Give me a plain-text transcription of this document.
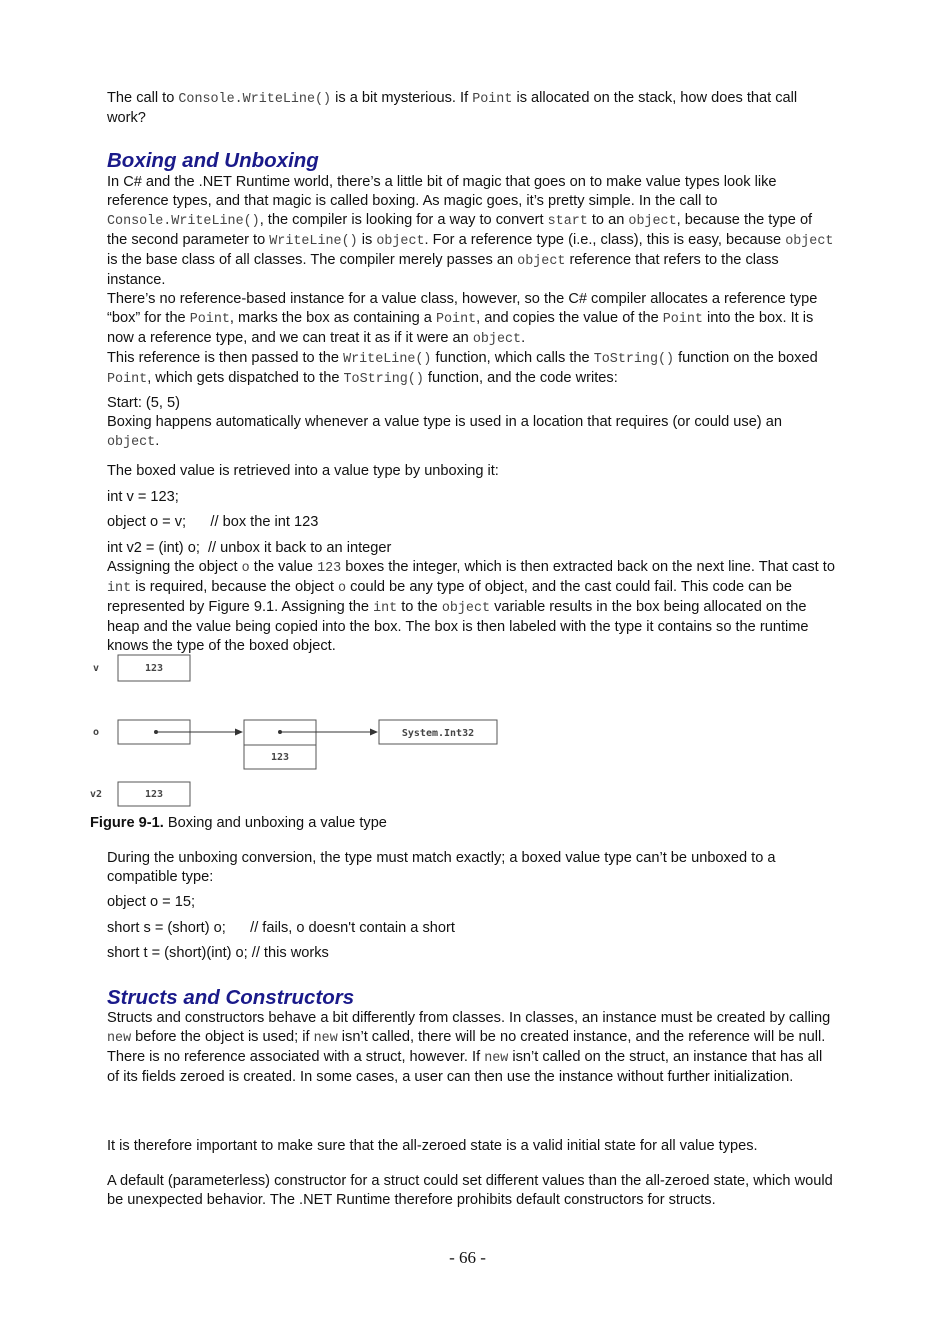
The call to Console.WriteLine() is a bit mysterious. If Point is allocated on the stack, how does that call work?

Boxing and Unboxing

In C# and the .NET Runtime world, there’s a little bit of magic that goes on to make value types look like reference types, and that magic is called boxing. As magic goes, it’s pretty simple. In the call to Console.WriteLine(), the compiler is looking for a way to convert start to an object, because the type of the second parameter to WriteLine() is object. For a reference type (i.e., class), this is easy, because object is the base class of all classes. The compiler merely passes an object reference that refers to the class instance.

There’s no reference-based instance for a value class, however, so the C# compiler allocates a reference type “box” for the Point, marks the box as containing a Point, and copies the value of the Point into the box. It is now a reference type, and we can treat it as if it were an object.

This reference is then passed to the WriteLine() function, which calls the ToString() function on the boxed Point, which gets dispatched to the ToString() function, and the code writes:

Start: (5, 5)

Boxing happens automatically whenever a value type is used in a location that requires (or could use) an object.

The boxed value is retrieved into a value type by unboxing it:
int v = 123;
object o = v;      // box the int 123
int v2 = (int) o;  // unbox it back to an integer

Assigning the object o the value 123 boxes the integer, which is then extracted back on the next line. That cast to int is required, because the object o could be any type of object, and the cast could fail. This code can be represented by Figure 9.1. Assigning the int to the object variable results in the box being allocated on the heap and the value being copied into the box. The box is then labeled with the type it contains so the runtime knows the type of the boxed object.

v
o
v2
123
123
System.Int32
123
Figure 9-1. Boxing and unboxing a value type
During the unboxing conversion, the type must match exactly; a boxed value type can’t be unboxed to a compatible type:
object o = 15;
short s = (short) o;      // fails, o doesn't contain a short
short t = (short)(int) o; // this works
Structs and Constructors

Structs and constructors behave a bit differently from classes. In classes, an instance must be created by calling new before the object is used; if new isn’t called, there will be no created instance, and the reference will be null.

There is no reference associated with a struct, however. If new isn’t called on the struct, an instance that has all of its fields zeroed is created. In some cases, a user can then use the instance without further initialization.

It is therefore important to make sure that the all-zeroed state is a valid initial state for all value types.
A default (parameterless) constructor for a struct could set different values than the all-zeroed state, which would be unexpected behavior. The .NET Runtime therefore prohibits default constructors for structs.
- 66 -
